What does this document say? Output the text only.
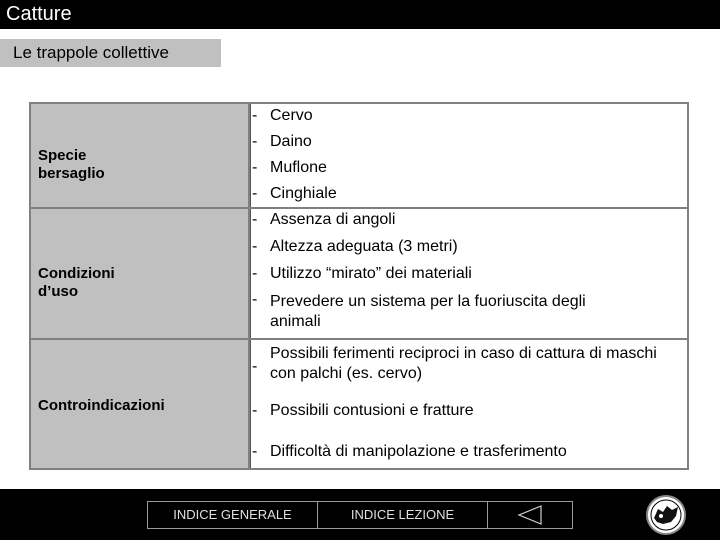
Catture
Le trappole collettive
Specie bersaglio
- Cervo
- Daino
- Muflone
- Cinghiale
Condizioni d’uso
- Assenza di angoli
- Altezza adeguata (3 metri)
- Utilizzo “mirato” dei materiali
- Prevedere un sistema per la fuoriuscita degli animali
Controindicazioni
-
Possibili ferimenti reciproci in caso di cattura di maschi con palchi (es. cervo)
- Possibili contusioni e fratture
- Difficoltà di manipolazione e trasferimento
INDICE GENERALE	INDICE LEZIONE
